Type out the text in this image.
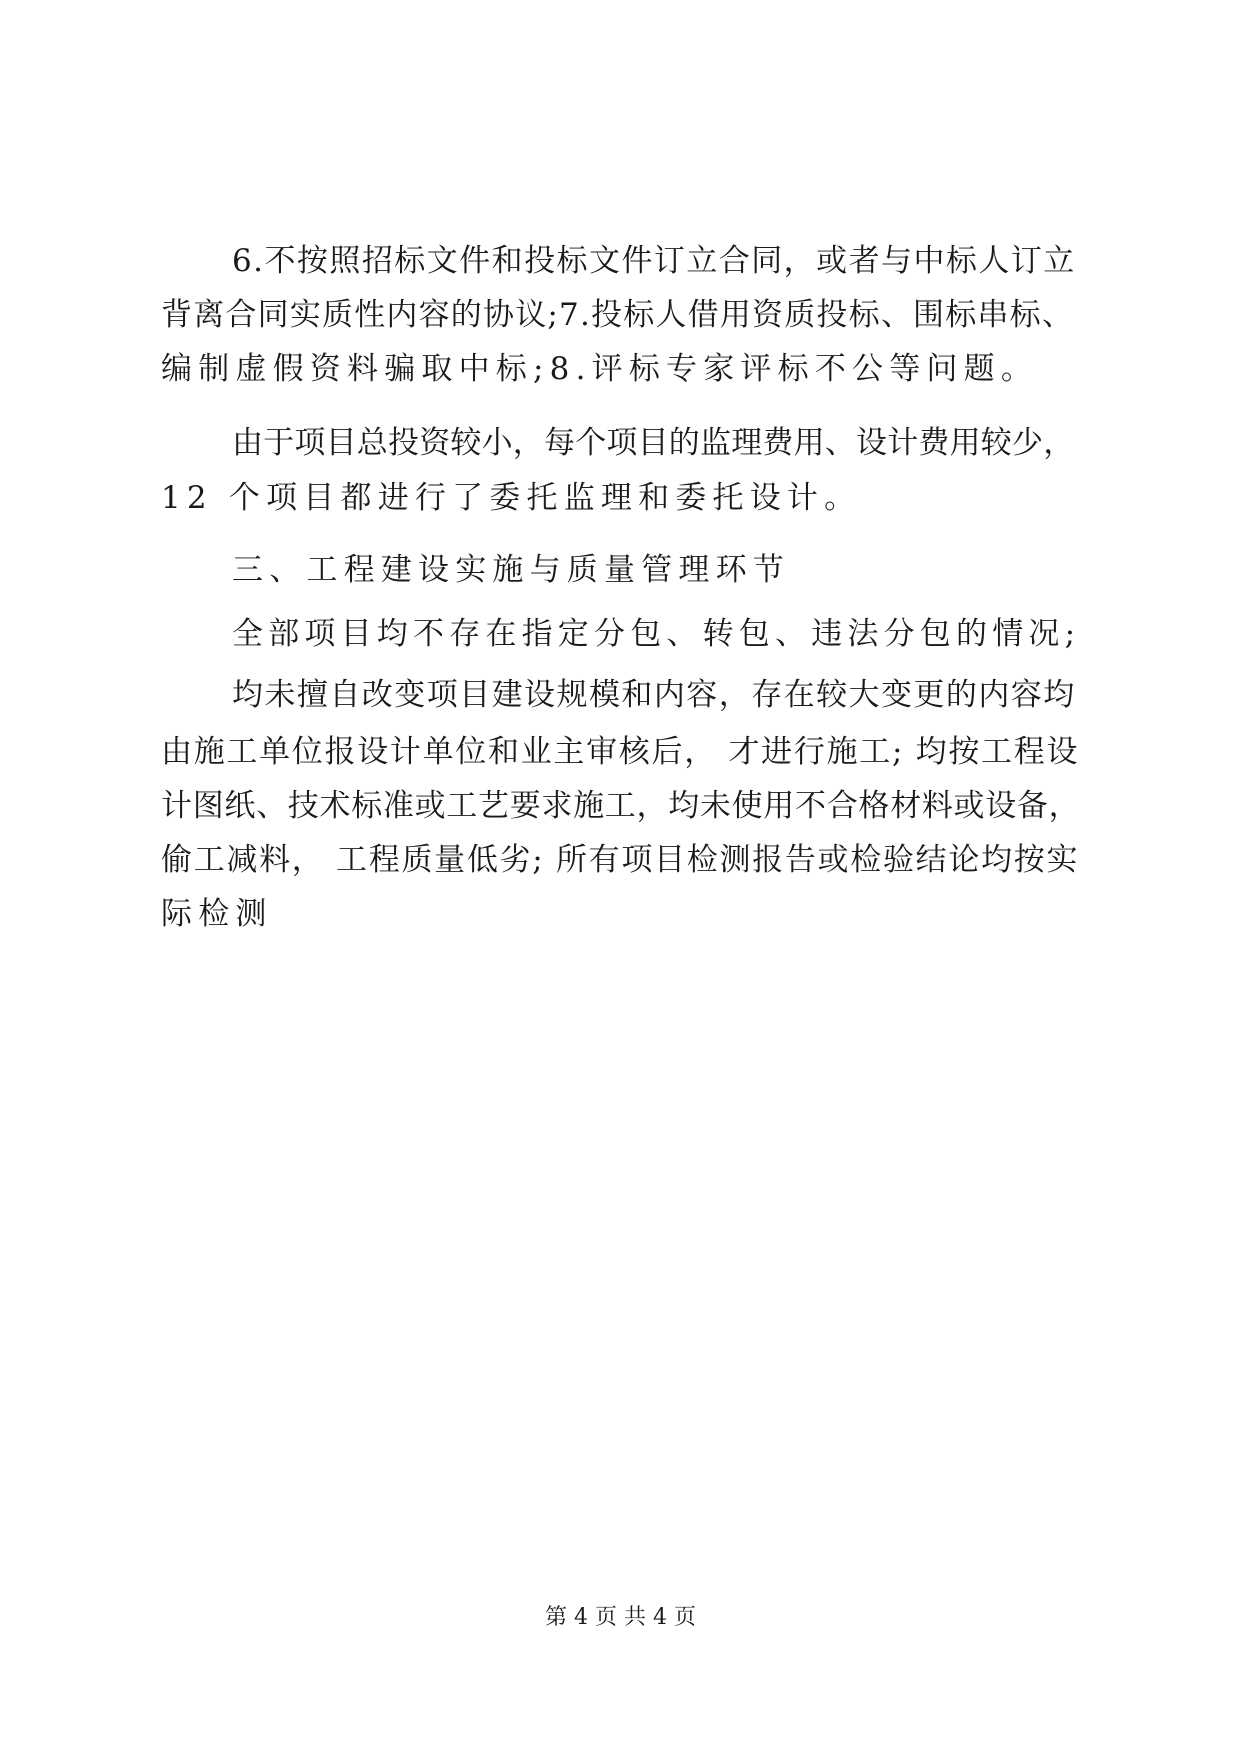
6.不按照招标文件和投标文件订立合同，或者与中标人订立
背离合同实质性内容的协议;7.投标人借用资质投标、围标串标、
编制虚假资料骗取中标;8.评标专家评标不公等问题。
由于项目总投资较小，每个项目的监理费用、设计费用较少，
12 个项目都进行了委托监理和委托设计。
三、工程建设实施与质量管理环节
全部项目均不存在指定分包、转包、违法分包的情况;
均未擅自改变项目建设规模和内容，存在较大变更的内容均
由施工单位报设计单位和业主审核后， 才进行施工; 均按工程设
计图纸、技术标准或工艺要求施工，均未使用不合格材料或设备，
偷工减料， 工程质量低劣; 所有项目检测报告或检验结论均按实
际检测
第 4 页 共 4 页
